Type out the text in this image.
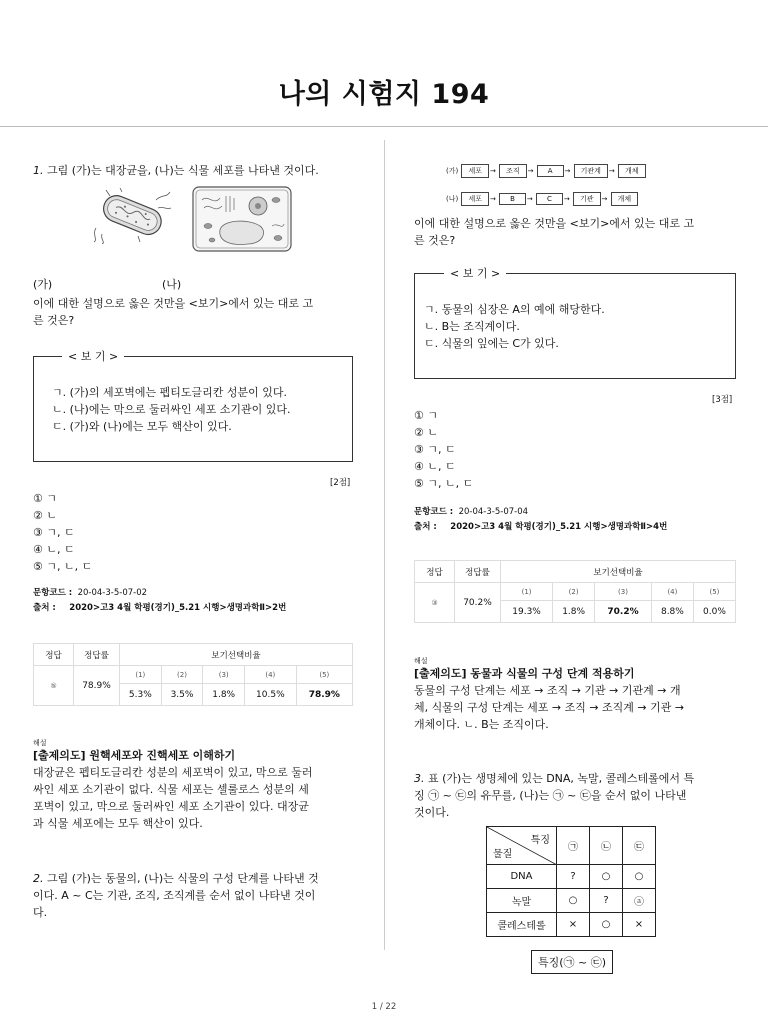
나의 시험지 194
1. 그림 (가)는 대장균을, (나)는 식물 세포를 나타낸 것이다.
(가)	(나)
이에 대한 설명으로 옳은 것만을 <보기>에서 있는 대로 고
른 것은?
< 보 기 >
ㄱ. (가)의 세포벽에는 펩티도글리칸 성분이 있다.
ㄴ. (나)에는 막으로 둘러싸인 세포 소기관이 있다.
ㄷ. (가)와 (나)에는 모두 핵산이 있다.
[2점]
① ㄱ
② ㄴ
③ ㄱ, ㄷ
④ ㄴ, ㄷ
⑤ ㄱ, ㄴ, ㄷ
문항코드 : 20-04-3-5-07-02
출처 : 2020>고3 4월 학평(경기)_5.21 시행>생명과학Ⅱ>2번
정답	정답률	보기선택비율				
⑤	78.9%	(1)	(2)	(3)	(4)	(5)
		5.3%	3.5%	1.8%	10.5%	78.9%
해설
[출제의도] 원핵세포와 진핵세포 이해하기
대장균은 펩티도글리칸 성분의 세포벽이 있고, 막으로 둘러
싸인 세포 소기관이 없다. 식물 세포는 셀룰로스 성분의 세
포벽이 있고, 막으로 둘러싸인 세포 소기관이 있다. 대장균
과 식물 세포에는 모두 핵산이 있다.
2. 그림 (가)는 동물의, (나)는 식물의 구성 단계를 나타낸 것
이다. A ~ C는 기관, 조직, 조직계를 순서 없이 나타낸 것이
다.
(가) 세포 → 조직 → A → 기관계 → 개체
(나) 세포 → B → C → 기관 → 개체
이에 대한 설명으로 옳은 것만을 <보기>에서 있는 대로 고
른 것은?
< 보 기 >
ㄱ. 동물의 심장은 A의 예에 해당한다.
ㄴ. B는 조직계이다.
ㄷ. 식물의 잎에는 C가 있다.
[3점]
① ㄱ
② ㄴ
③ ㄱ, ㄷ
④ ㄴ, ㄷ
⑤ ㄱ, ㄴ, ㄷ
문항코드 : 20-04-3-5-07-04
출처 : 2020>고3 4월 학평(경기)_5.21 시행>생명과학Ⅱ>4번
정답	정답률	보기선택비율				
③	70.2%	(1)	(2)	(3)	(4)	(5)
		19.3%	1.8%	70.2%	8.8%	0.0%
해설
[출제의도] 동물과 식물의 구성 단계 적용하기
동물의 구성 단계는 세포 → 조직 → 기관 → 기관계 → 개
체, 식물의 구성 단계는 세포 → 조직 → 조직계 → 기관 →
개체이다. ㄴ. B는 조직이다.
3. 표 (가)는 생명체에 있는 DNA, 녹말, 콜레스테롤에서 특
징 ㉠ ~ ㉢의 유무를, (나)는 ㉠ ~ ㉢을 순서 없이 나타낸
것이다.
특징
물질	㉠	㉡	㉢
DNA	?	○	○
녹말	○	?	ⓐ
콜레스테롤	×	○	×
특징(㉠ ~ ㉢)
1 / 22
